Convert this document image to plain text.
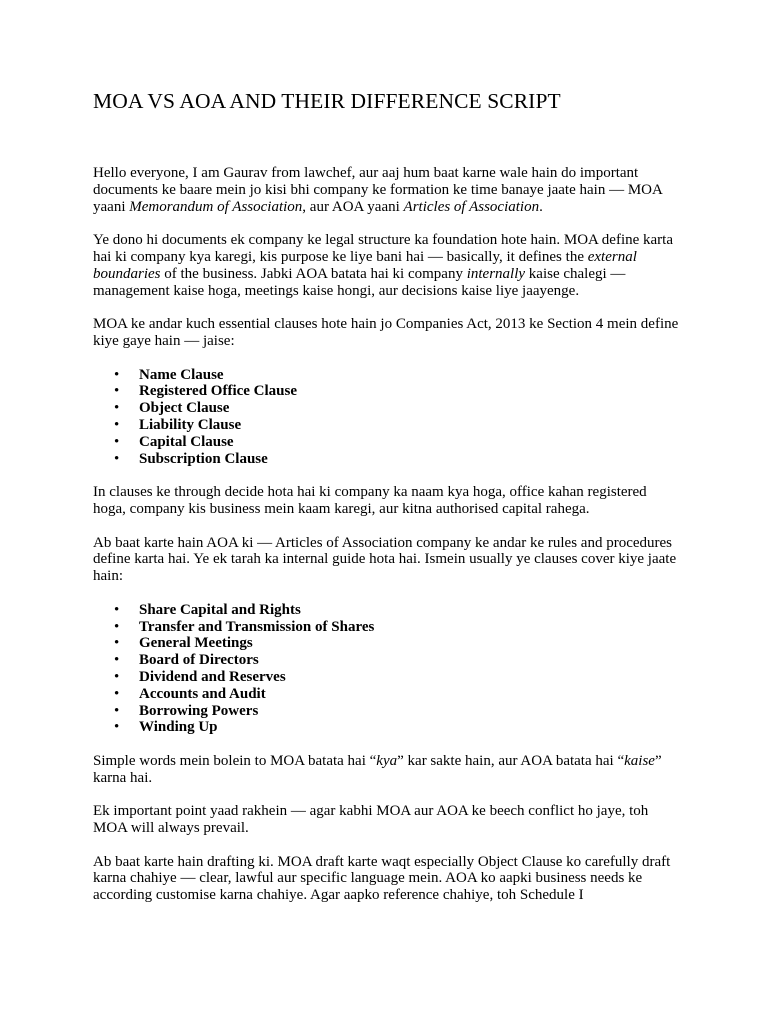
MOA VS AOA AND THEIR DIFFERENCE SCRIPT

Hello everyone, I am Gaurav from lawchef, aur aaj hum baat karne wale hain do important documents ke baare mein jo kisi bhi company ke formation ke time banaye jaate hain — MOA yaani Memorandum of Association, aur AOA yaani Articles of Association.

Ye dono hi documents ek company ke legal structure ka foundation hote hain. MOA define karta hai ki company kya karegi, kis purpose ke liye bani hai — basically, it defines the external boundaries of the business. Jabki AOA batata hai ki company internally kaise chalegi — management kaise hoga, meetings kaise hongi, aur decisions kaise liye jaayenge.

MOA ke andar kuch essential clauses hote hain jo Companies Act, 2013 ke Section 4 mein define kiye gaye hain — jaise:

• Name Clause
• Registered Office Clause
• Object Clause
• Liability Clause
• Capital Clause
• Subscription Clause

In clauses ke through decide hota hai ki company ka naam kya hoga, office kahan registered hoga, company kis business mein kaam karegi, aur kitna authorised capital rahega.

Ab baat karte hain AOA ki — Articles of Association company ke andar ke rules and procedures define karta hai. Ye ek tarah ka internal guide hota hai. Ismein usually ye clauses cover kiye jaate hain:

• Share Capital and Rights
• Transfer and Transmission of Shares
• General Meetings
• Board of Directors
• Dividend and Reserves
• Accounts and Audit
• Borrowing Powers
• Winding Up

Simple words mein bolein to MOA batata hai “kya” kar sakte hain, aur AOA batata hai “kaise” karna hai.

Ek important point yaad rakhein — agar kabhi MOA aur AOA ke beech conflict ho jaye, toh MOA will always prevail.

Ab baat karte hain drafting ki. MOA draft karte waqt especially Object Clause ko carefully draft karna chahiye — clear, lawful aur specific language mein. AOA ko aapki business needs ke according customise karna chahiye. Agar aapko reference chahiye, toh Schedule I
